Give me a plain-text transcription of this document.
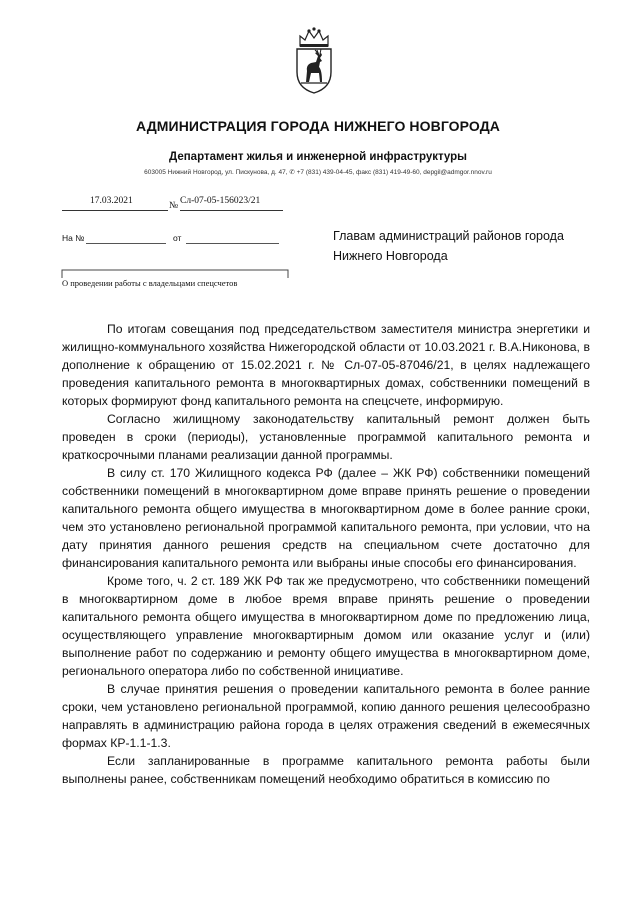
АДМИНИСТРАЦИЯ ГОРОДА НИЖНЕГО НОВГОРОДА
Департамент жилья и инженерной инфраструктуры
603005 Нижний Новгород, ул. Пискунова, д. 47, ✆ +7 (831) 439-04-45, факс (831) 419-49-60, depgil@admgor.nnov.ru
17.03.2021	№ Сл-07-05-156023/21
На №	от	Главам администраций районов города
Нижнего Новгорода
О проведении работы с владельцами спецсчетов

По итогам совещания под председательством заместителя министра энергетики и жилищно-коммунального хозяйства Нижегородской области от 10.03.2021 г. В.А.Никонова, в дополнение к обращению от 15.02.2021 г. № Сл-07-05-87046/21, в целях надлежащего проведения капитального ремонта в многоквартирных домах, собственники помещений в которых формируют фонд капитального ремонта на спецсчете, информирую.

Согласно жилищному законодательству капитальный ремонт должен быть проведен в сроки (периоды), установленные программой капитального ремонта и краткосрочными планами реализации данной программы.

В силу ст. 170 Жилищного кодекса РФ (далее – ЖК РФ) собственники помещений собственники помещений в многоквартирном доме вправе принять решение о проведении капитального ремонта общего имущества в многоквартирном доме в более ранние сроки, чем это установлено региональной программой капитального ремонта, при условии, что на дату принятия данного решения средств на специальном счете достаточно для финансирования капитального ремонта или выбраны иные способы его финансирования.

Кроме того, ч. 2 ст. 189 ЖК РФ так же предусмотрено, что собственники помещений в многоквартирном доме в любое время вправе принять решение о проведении капитального ремонта общего имущества в многоквартирном доме по предложению лица, осуществляющего управление многоквартирным домом или оказание услуг и (или) выполнение работ по содержанию и ремонту общего имущества в многоквартирном доме, регионального оператора либо по собственной инициативе.

В случае принятия решения о проведении капитального ремонта в более ранние сроки, чем установлено региональной программой, копию данного решения целесообразно направлять в администрацию района города в целях отражения сведений в ежемесячных формах КР-1.1-1.3.

Если запланированные в программе капитального ремонта работы были выполнены ранее, собственникам помещений необходимо обратиться в комиссию по
